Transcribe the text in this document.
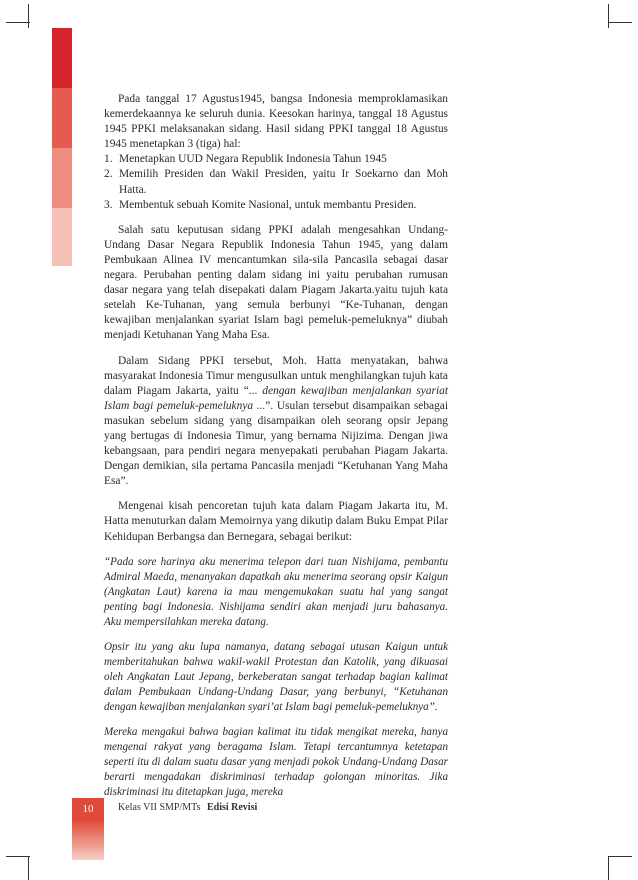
Pada tanggal 17 Agustus1945, bangsa Indonesia memproklamasikan kemerdekaannya ke seluruh dunia. Keesokan harinya, tanggal 18 Agustus 1945 PPKI melaksanakan sidang. Hasil sidang PPKI tanggal 18 Agustus 1945 menetapkan 3 (tiga) hal:

1. Menetapkan UUD Negara Republik Indonesia Tahun 1945
2. Memilih Presiden dan Wakil Presiden, yaitu Ir Soekarno dan Moh Hatta.
3. Membentuk sebuah Komite Nasional, untuk membantu Presiden.

Salah satu keputusan sidang PPKI adalah mengesahkan Undang-Undang Dasar Negara Republik Indonesia Tahun 1945, yang dalam Pembukaan Alinea IV mencantumkan sila-sila Pancasila sebagai dasar negara. Perubahan penting dalam sidang ini yaitu perubahan rumusan dasar negara yang telah disepakati dalam Piagam Jakarta.yaitu tujuh kata setelah Ke-Tuhanan, yang semula berbunyi “Ke-Tuhanan, dengan kewajiban menjalankan syariat Islam bagi pemeluk-pemeluknya” diubah menjadi Ketuhanan Yang Maha Esa.

Dalam Sidang PPKI tersebut, Moh. Hatta menyatakan, bahwa masyarakat Indonesia Timur mengusulkan untuk menghilangkan tujuh kata dalam Piagam Jakarta, yaitu “... dengan kewajiban menjalankan syariat Islam bagi pemeluk-pemeluknya ...”. Usulan tersebut disampaikan sebagai masukan sebelum sidang yang disampaikan oleh seorang opsir Jepang yang bertugas di Indonesia Timur, yang bernama Nijizima. Dengan jiwa kebangsaan, para pendiri negara menyepakati perubahan Piagam Jakarta. Dengan demikian, sila pertama Pancasila menjadi “Ketuhanan Yang Maha Esa”.

Mengenai kisah pencoretan tujuh kata dalam Piagam Jakarta itu, M. Hatta menuturkan dalam Memoirnya yang dikutip dalam Buku Empat Pilar Kehidupan Berbangsa dan Bernegara, sebagai berikut:

“Pada sore harinya aku menerima telepon dari tuan Nishijama, pembantu Admiral Maeda, menanyakan dapatkah aku menerima seorang opsir Kaigun (Angkatan Laut) karena ia mau mengemukakan suatu hal yang sangat penting bagi Indonesia. Nishijama sendiri akan menjadi juru bahasanya. Aku mempersilahkan mereka datang.

Opsir itu yang aku lupa namanya, datang sebagai utusan Kaigun untuk memberitahukan bahwa wakil-wakil Protestan dan Katolik, yang dikuasai oleh Angkatan Laut Jepang, berkeberatan sangat terhadap bagian kalimat dalam Pembukaan Undang-Undang Dasar, yang berbunyi, “Ketuhanan dengan kewajiban menjalankan syari’at Islam bagi pemeluk-pemeluknya”.

Mereka mengakui bahwa bagian kalimat itu tidak mengikat mereka, hanya mengenai rakyat yang beragama Islam. Tetapi tercantumnya ketetapan seperti itu di dalam suatu dasar yang menjadi pokok Undang-Undang Dasar berarti mengadakan diskriminasi terhadap golongan minoritas. Jika diskriminasi itu ditetapkan juga, mereka

10	Kelas VII SMP/MTs Edisi Revisi
